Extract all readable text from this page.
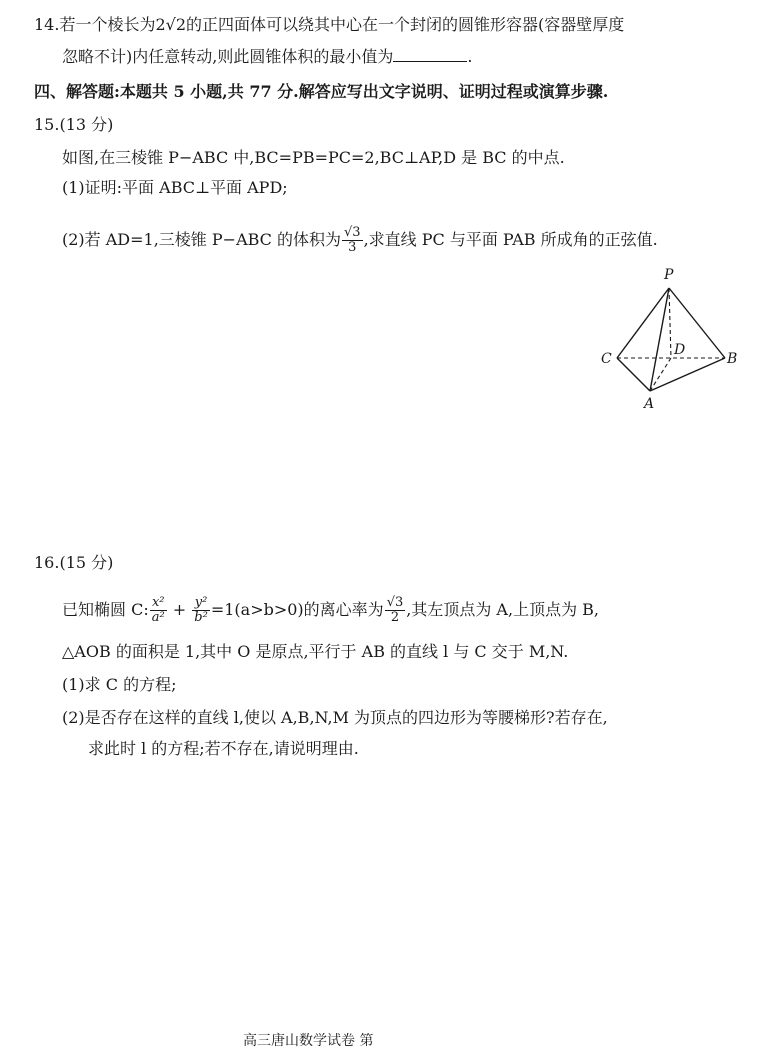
14.若一个棱长为2√2的正四面体可以绕其中心在一个封闭的圆锥形容器(容器壁厚度
忽略不计)内任意转动,则此圆锥体积的最小值为	.
四、解答题:本题共 5 小题,共 77 分.解答应写出文字说明、证明过程或演算步骤.
15.(13 分)
如图,在三棱锥 P−ABC 中,BC=PB=PC=2,BC⊥AP,D 是 BC 的中点.
(1)证明:平面 ABC⊥平面 APD;
(2)若 AD=1,三棱锥 P−ABC 的体积为 $\frac{√3}{3}$ ,求直线 PC 与平面 PAB 所成角的正弦值.
P
C
D
B
A
16.(15 分)
已知椭圆 C: $\frac{\text{x²}}{\text{a²}} + \frac{\text{y²}}{\text{b²}} =1(a>b>0)$的离心率为 $\frac{√3}{2}$ ,其左顶点为 A,上顶点为 B,
△AOB 的面积是 1,其中 O 是原点,平行于 AB 的直线 l 与 C 交于 M,N.
(1)求 C 的方程;
(2)是否存在这样的直线 l,使以 A,B,N,M 为顶点的四边形为等腰梯形?若存在,
求此时 l 的方程;若不存在,请说明理由.
高三唐山数学试卷 第
